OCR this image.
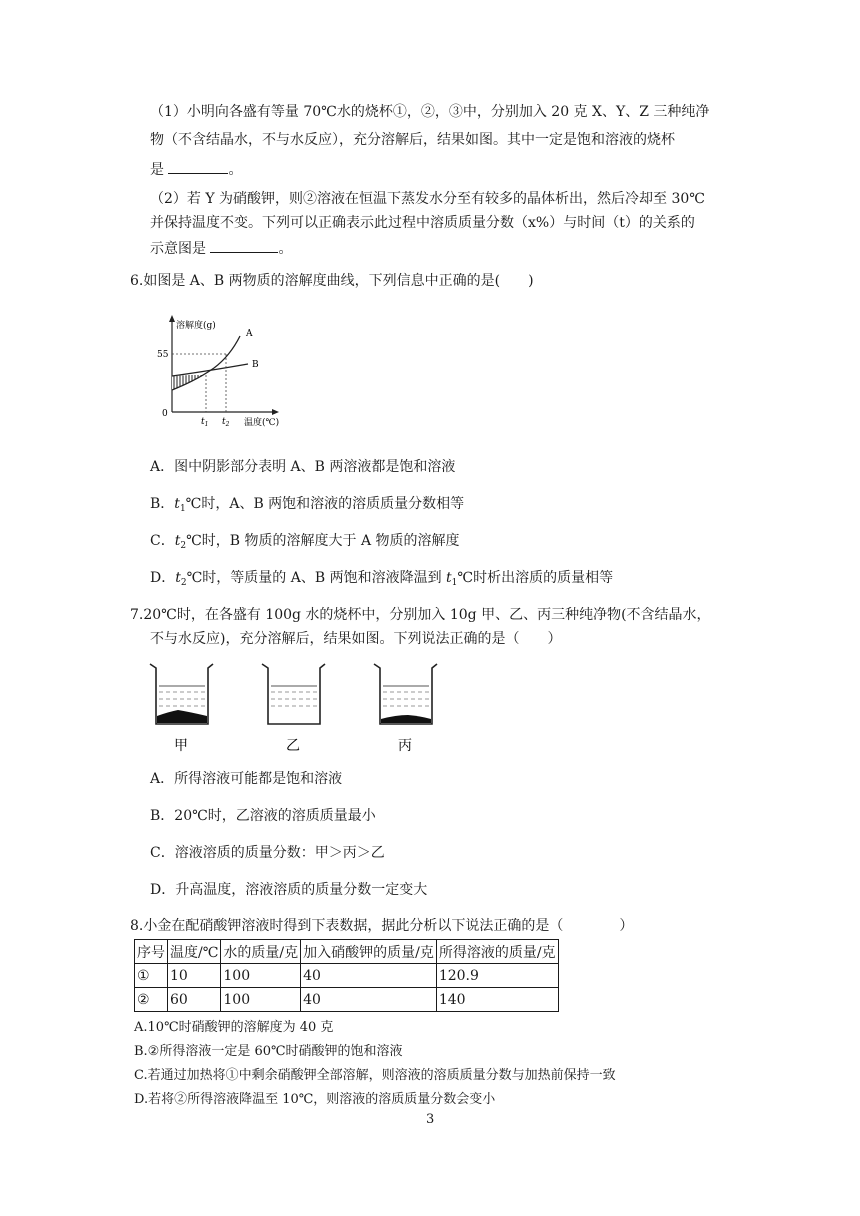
（1）小明向各盛有等量 70℃水的烧杯①，②，③中，分别加入 20 克 X、Y、Z 三种纯净
物（不含结晶水，不与水反应），充分溶解后，结果如图。其中一定是饱和溶液的烧杯
是	。
（2）若 Y 为硝酸钾，则②溶液在恒温下蒸发水分至有较多的晶体析出，然后冷却至 30℃
并保持温度不变。下列可以正确表示此过程中溶质质量分数（x%）与时间（t）的关系的
示意图是	。
6.如图是 A、B 两物质的溶解度曲线，下列信息中正确的是(　　)
溶解度(g)
A
B
55
0
$t_1$ $t_2$ 温度(℃)
A．图中阴影部分表明 A、B 两溶液都是饱和溶液
B．$t_1℃$时，A、B 两饱和溶液的溶质质量分数相等
C．$t_2℃$时，B 物质的溶解度大于 A 物质的溶解度
D．$t_2℃$时，等质量的 A、B 两饱和溶液降温到 $t_1℃$时析出溶质的质量相等
7.20℃时，在各盛有 100g 水的烧杯中，分别加入 10g 甲、乙、丙三种纯净物(不含结晶水，
不与水反应)，充分溶解后，结果如图。下列说法正确的是（　　）
甲	乙	丙
A．所得溶液可能都是饱和溶液
B．20℃时，乙溶液的溶质质量最小
C．溶液溶质的质量分数：甲＞丙＞乙
D．升高温度，溶液溶质的质量分数一定变大
8.小金在配硝酸钾溶液时得到下表数据，据此分析以下说法正确的是（　　　　）
序号	温度/℃	水的质量/克	加入硝酸钾的质量/克	所得溶液的质量/克
①	10	100	40	120.9
②	60	100	40	140
A.10℃时硝酸钾的溶解度为 40 克
B.②所得溶液一定是 60℃时硝酸钾的饱和溶液
C.若通过加热将①中剩余硝酸钾全部溶解，则溶液的溶质质量分数与加热前保持一致
D.若将②所得溶液降温至 10℃，则溶液的溶质质量分数会变小
3
